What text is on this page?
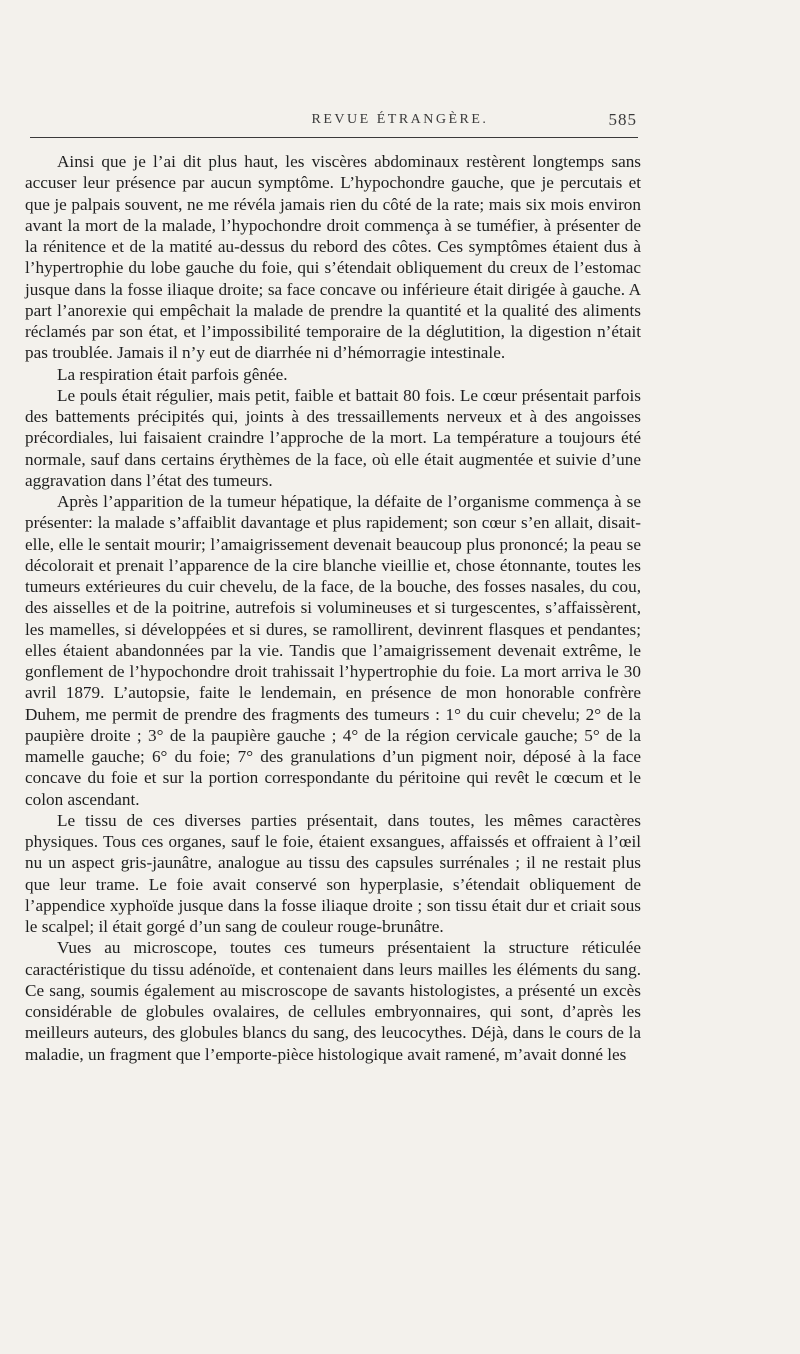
REVUE ÉTRANGÈRE.	585

Ainsi que je l’ai dit plus haut, les viscères abdominaux restèrent longtemps sans accuser leur présence par aucun symptôme. L’hypochondre gauche, que je percutais et que je palpais souvent, ne me révéla jamais rien du côté de la rate; mais six mois environ avant la mort de la malade, l’hypochondre droit commença à se tuméfier, à présenter de la rénitence et de la matité au-dessus du rebord des côtes. Ces symptômes étaient dus à l’hypertrophie du lobe gauche du foie, qui s’étendait obliquement du creux de l’estomac jusque dans la fosse iliaque droite; sa face concave ou inférieure était dirigée à gauche. A part l’anorexie qui empêchait la malade de prendre la quantité et la qualité des aliments réclamés par son état, et l’impossibilité temporaire de la déglutition, la digestion n’était pas troublée. Jamais il n’y eut de diarrhée ni d’hémorragie intestinale.

La respiration était parfois gênée.

Le pouls était régulier, mais petit, faible et battait 80 fois. Le cœur présentait parfois des battements précipités qui, joints à des tressaillements nerveux et à des angoisses précordiales, lui faisaient craindre l’approche de la mort. La température a toujours été normale, sauf dans certains érythèmes de la face, où elle était augmentée et suivie d’une aggravation dans l’état des tumeurs.

Après l’apparition de la tumeur hépatique, la défaite de l’organisme commença à se présenter: la malade s’affaiblit davantage et plus rapidement; son cœur s’en allait, disait-elle, elle le sentait mourir; l’amaigrissement devenait beaucoup plus prononcé; la peau se décolorait et prenait l’apparence de la cire blanche vieillie et, chose étonnante, toutes les tumeurs extérieures du cuir chevelu, de la face, de la bouche, des fosses nasales, du cou, des aisselles et de la poitrine, autrefois si volumineuses et si turgescentes, s’affaissèrent, les mamelles, si développées et si dures, se ramollirent, devinrent flasques et pendantes; elles étaient abandonnées par la vie. Tandis que l’amaigrissement devenait extrême, le gonflement de l’hypochondre droit trahissait l’hypertrophie du foie. La mort arriva le 30 avril 1879. L’autopsie, faite le lendemain, en présence de mon honorable confrère Duhem, me permit de prendre des fragments des tumeurs : 1° du cuir chevelu; 2° de la paupière droite ; 3° de la paupière gauche ; 4° de la région cervicale gauche; 5° de la mamelle gauche; 6° du foie; 7° des granulations d’un pigment noir, déposé à la face concave du foie et sur la portion correspondante du péritoine qui revêt le cœcum et le colon ascendant.

Le tissu de ces diverses parties présentait, dans toutes, les mêmes caractères physiques. Tous ces organes, sauf le foie, étaient exsangues, affaissés et offraient à l’œil nu un aspect gris-jaunâtre, analogue au tissu des capsules surrénales ; il ne restait plus que leur trame. Le foie avait conservé son hyperplasie, s’étendait obliquement de l’appendice xyphoïde jusque dans la fosse iliaque droite ; son tissu était dur et criait sous le scalpel; il était gorgé d’un sang de couleur rouge-brunâtre.

Vues au microscope, toutes ces tumeurs présentaient la structure réticulée caractéristique du tissu adénoïde, et contenaient dans leurs mailles les éléments du sang. Ce sang, soumis également au miscroscope de savants histologistes, a présenté un excès considérable de globules ovalaires, de cellules embryonnaires, qui sont, d’après les meilleurs auteurs, des globules blancs du sang, des leucocythes. Déjà, dans le cours de la maladie, un fragment que l’emporte-pièce histologique avait ramené, m’avait donné les
